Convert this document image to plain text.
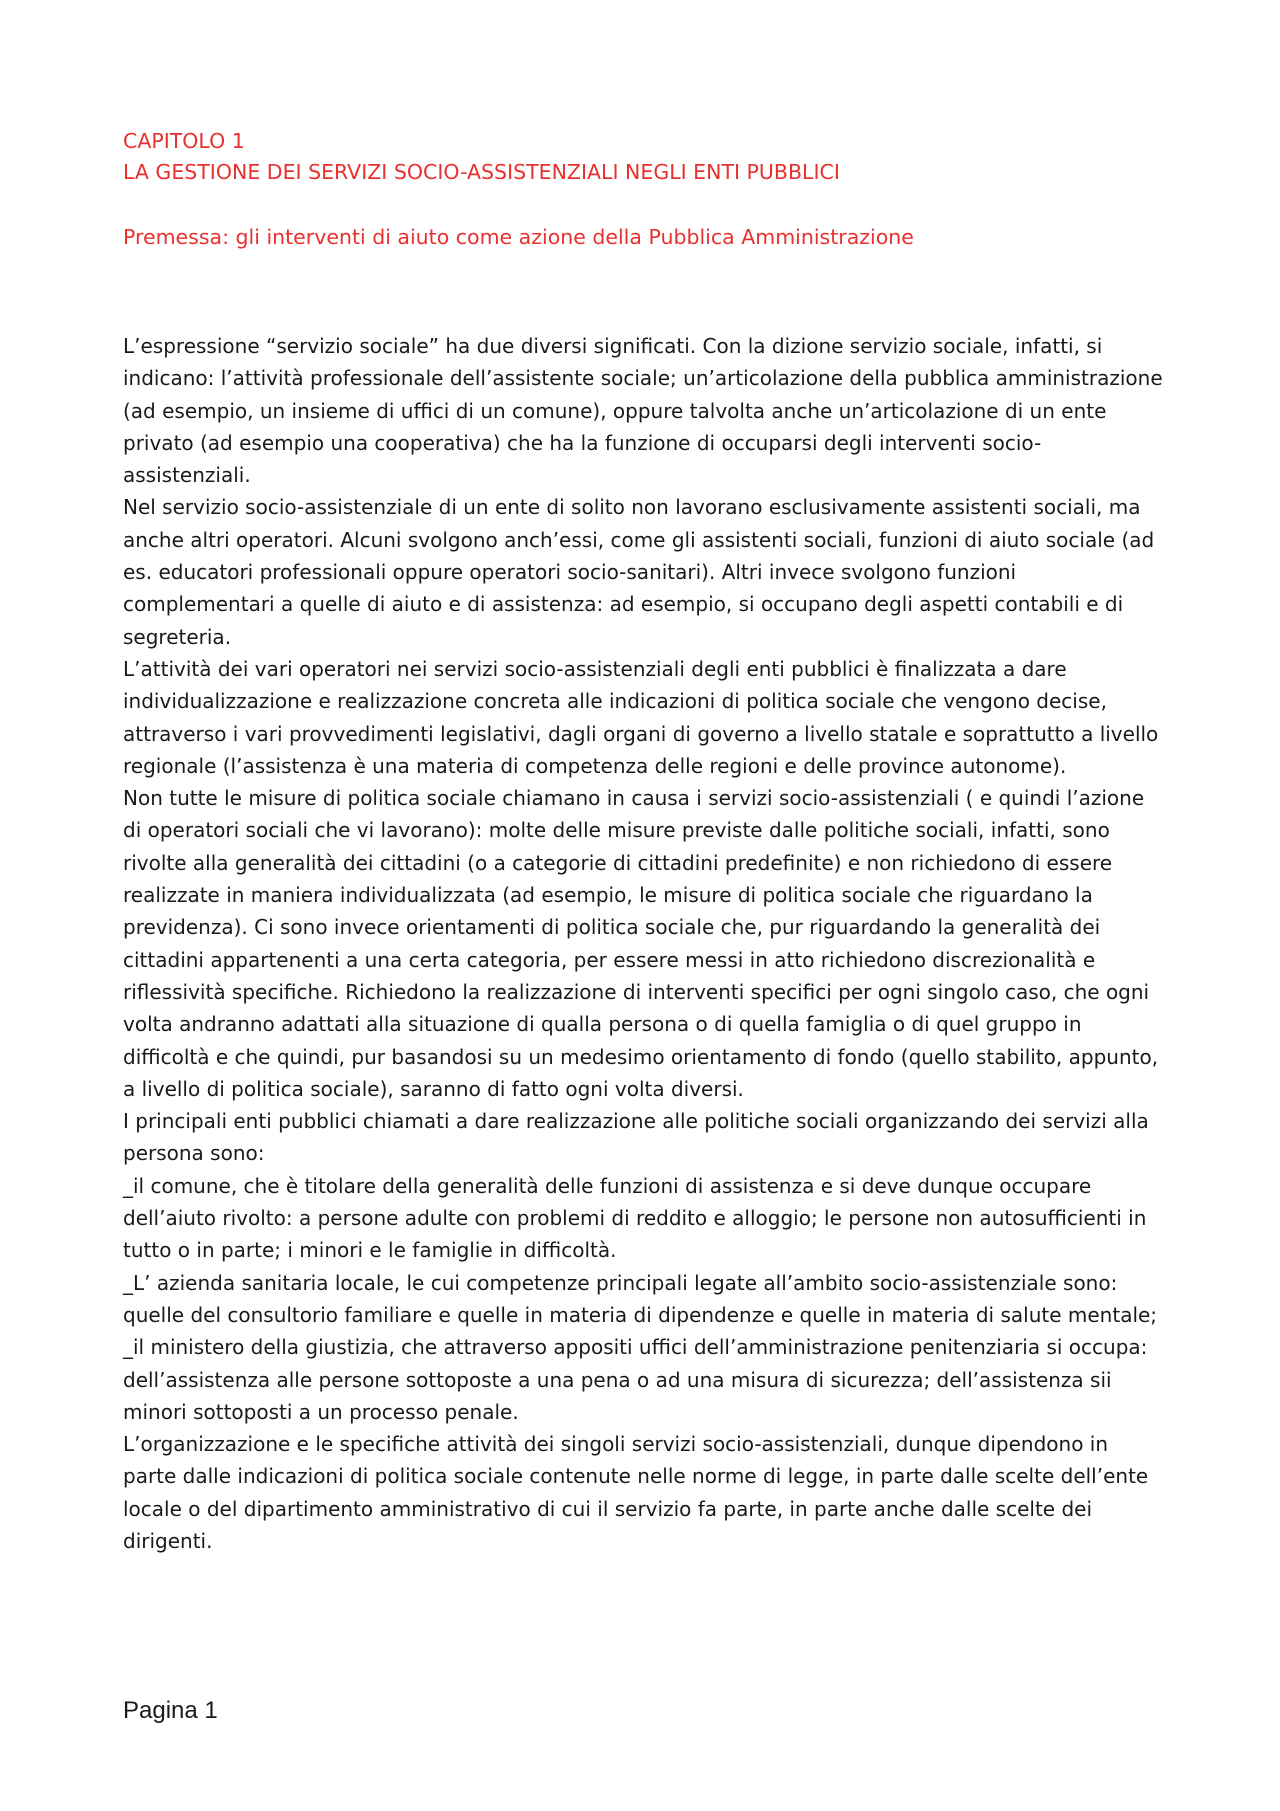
CAPITOLO 1
LA GESTIONE DEI SERVIZI SOCIO-ASSISTENZIALI NEGLI ENTI PUBBLICI
Premessa: gli interventi di aiuto come azione della Pubblica Amministrazione

L’espressione “servizio sociale” ha due diversi significati. Con la dizione servizio sociale, infatti, si indicano: l’attività professionale dell’assistente sociale; un’articolazione della pubblica amministrazione (ad esempio, un insieme di uffici di un comune), oppure talvolta anche un’articolazione di un ente privato (ad esempio una cooperativa) che ha la funzione di occuparsi degli interventi socio-assistenziali.

Nel servizio socio-assistenziale di un ente di solito non lavorano esclusivamente assistenti sociali, ma anche altri operatori. Alcuni svolgono anch’essi, come gli assistenti sociali, funzioni di aiuto sociale (ad es. educatori professionali oppure operatori socio-sanitari). Altri invece svolgono funzioni complementari a quelle di aiuto e di assistenza: ad esempio, si occupano degli aspetti contabili e di segreteria.

L’attività dei vari operatori nei servizi socio-assistenziali degli enti pubblici è finalizzata a dare individualizzazione e realizzazione concreta alle indicazioni di politica sociale che vengono decise, attraverso i vari provvedimenti legislativi, dagli organi di governo a livello statale e soprattutto a livello regionale (l’assistenza è una materia di competenza delle regioni e delle province autonome).

Non tutte le misure di politica sociale chiamano in causa i servizi socio-assistenziali ( e quindi l’azione di operatori sociali che vi lavorano): molte delle misure previste dalle politiche sociali, infatti, sono rivolte alla generalità dei cittadini (o a categorie di cittadini predefinite) e non richiedono di essere realizzate in maniera individualizzata (ad esempio, le misure di politica sociale che riguardano la previdenza). Ci sono invece orientamenti di politica sociale che, pur riguardando la generalità dei cittadini appartenenti a una certa categoria, per essere messi in atto richiedono discrezionalità e riflessività specifiche. Richiedono la realizzazione di interventi specifici per ogni singolo caso, che ogni volta andranno adattati alla situazione di qualla persona o di quella famiglia o di quel gruppo in difficoltà e che quindi, pur basandosi su un medesimo orientamento di fondo (quello stabilito, appunto, a livello di politica sociale), saranno di fatto ogni volta diversi.

I principali enti pubblici chiamati a dare realizzazione alle politiche sociali organizzando dei servizi alla persona sono:

_il comune, che è titolare della generalità delle funzioni di assistenza e si deve dunque occupare dell’aiuto rivolto: a persone adulte con problemi di reddito e alloggio; le persone non autosufficienti in tutto o in parte; i minori e le famiglie in difficoltà.

_L’ azienda sanitaria locale, le cui competenze principali legate all’ambito socio-assistenziale sono: quelle del consultorio familiare e quelle in materia di dipendenze e quelle in materia di salute mentale;

_il ministero della giustizia, che attraverso appositi uffici dell’amministrazione penitenziaria si occupa: dell’assistenza alle persone sottoposte a una pena o ad una misura di sicurezza; dell’assistenza sii minori sottoposti a un processo penale.

L’organizzazione e le specifiche attività dei singoli servizi socio-assistenziali, dunque dipendono in parte dalle indicazioni di politica sociale contenute nelle norme di legge, in parte dalle scelte dell’ente locale o del dipartimento amministrativo di cui il servizio fa parte, in parte anche dalle scelte dei dirigenti.

Pagina 1
